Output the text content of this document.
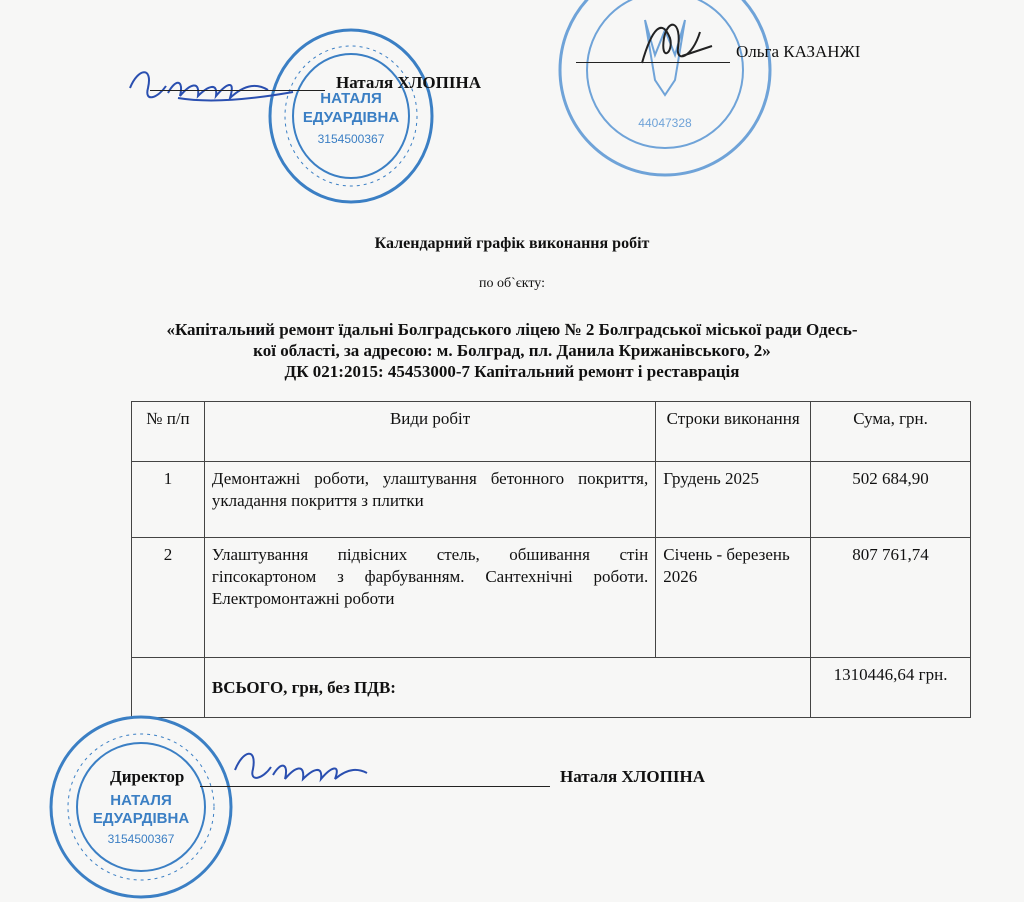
НАТАЛЯ
ЕДУАРДІВНА
3154500367
44047328
Наталя ХЛОПІНА
Ольга КАЗАНЖІ
Календарний графік виконання робіт
по об`єкту:
«Капітальний ремонт їдальні Болградського ліцею № 2 Болградської міської ради Одесь-
кої області, за адресою: м. Болград, пл. Данила Крижанівського, 2»
ДК 021:2015: 45453000-7 Капітальний ремонт і реставрація
№ п/п	Види робіт	Строки виконання	Сума, грн.
1	Демонтажні роботи, улаштування бетонного покриття, укладання покриття з плитки	Грудень 2025	502 684,90
2	Улаштування підвісних стель, обшивання стін гіпсокартоном з фарбуванням. Сантехнічні роботи. Електромонтажні роботи	Січень - березень 2026	807 761,74
	ВСЬОГО, грн, без ПДВ:		1310446,64 грн.
НАТАЛЯ
ЕДУАРДІВНА
3154500367
Директор	Наталя ХЛОПІНА
